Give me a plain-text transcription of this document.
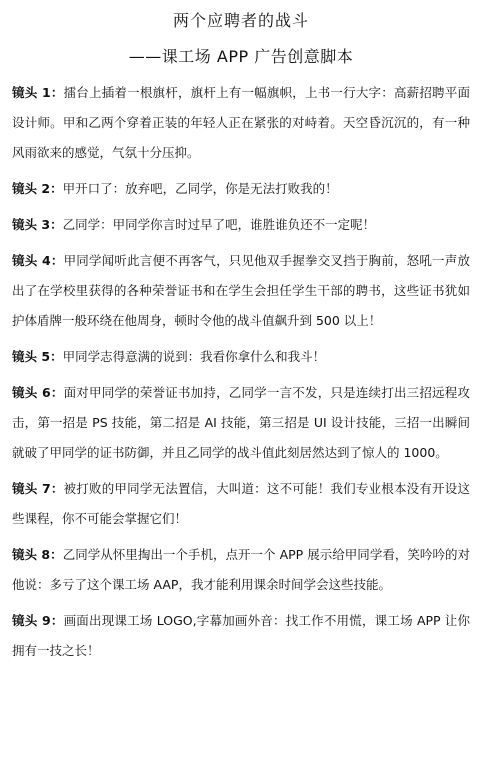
两个应聘者的战斗
——课工场 APP 广告创意脚本

镜头 1：擂台上插着一根旗杆，旗杆上有一幅旗帜，上书一行大字：高薪招聘平面设计师。甲和乙两个穿着正装的年轻人正在紧张的对峙着。天空昏沉沉的，有一种风雨欲来的感觉，气氛十分压抑。

镜头 2：甲开口了：放弃吧，乙同学，你是无法打败我的！

镜头 3：乙同学：甲同学你言时过早了吧，谁胜谁负还不一定呢！

镜头 4：甲同学闻听此言便不再客气，只见他双手握拳交叉挡于胸前，怒吼一声放出了在学校里获得的各种荣誉证书和在学生会担任学生干部的聘书，这些证书犹如护体盾牌一般环绕在他周身，顿时令他的战斗值飙升到 500 以上！

镜头 5：甲同学志得意满的说到：我看你拿什么和我斗！

镜头 6：面对甲同学的荣誉证书加持，乙同学一言不发，只是连续打出三招远程攻击，第一招是 PS 技能，第二招是 AI 技能，第三招是 UI 设计技能，三招一出瞬间就破了甲同学的证书防御，并且乙同学的战斗值此刻居然达到了惊人的 1000。

镜头 7：被打败的甲同学无法置信，大叫道：这不可能！我们专业根本没有开设这些课程，你不可能会掌握它们！

镜头 8：乙同学从怀里掏出一个手机，点开一个 APP 展示给甲同学看，笑吟吟的对他说：多亏了这个课工场 AAP，我才能利用课余时间学会这些技能。

镜头 9：画面出现课工场 LOGO,字幕加画外音：找工作不用慌，课工场 APP 让你拥有一技之长！
